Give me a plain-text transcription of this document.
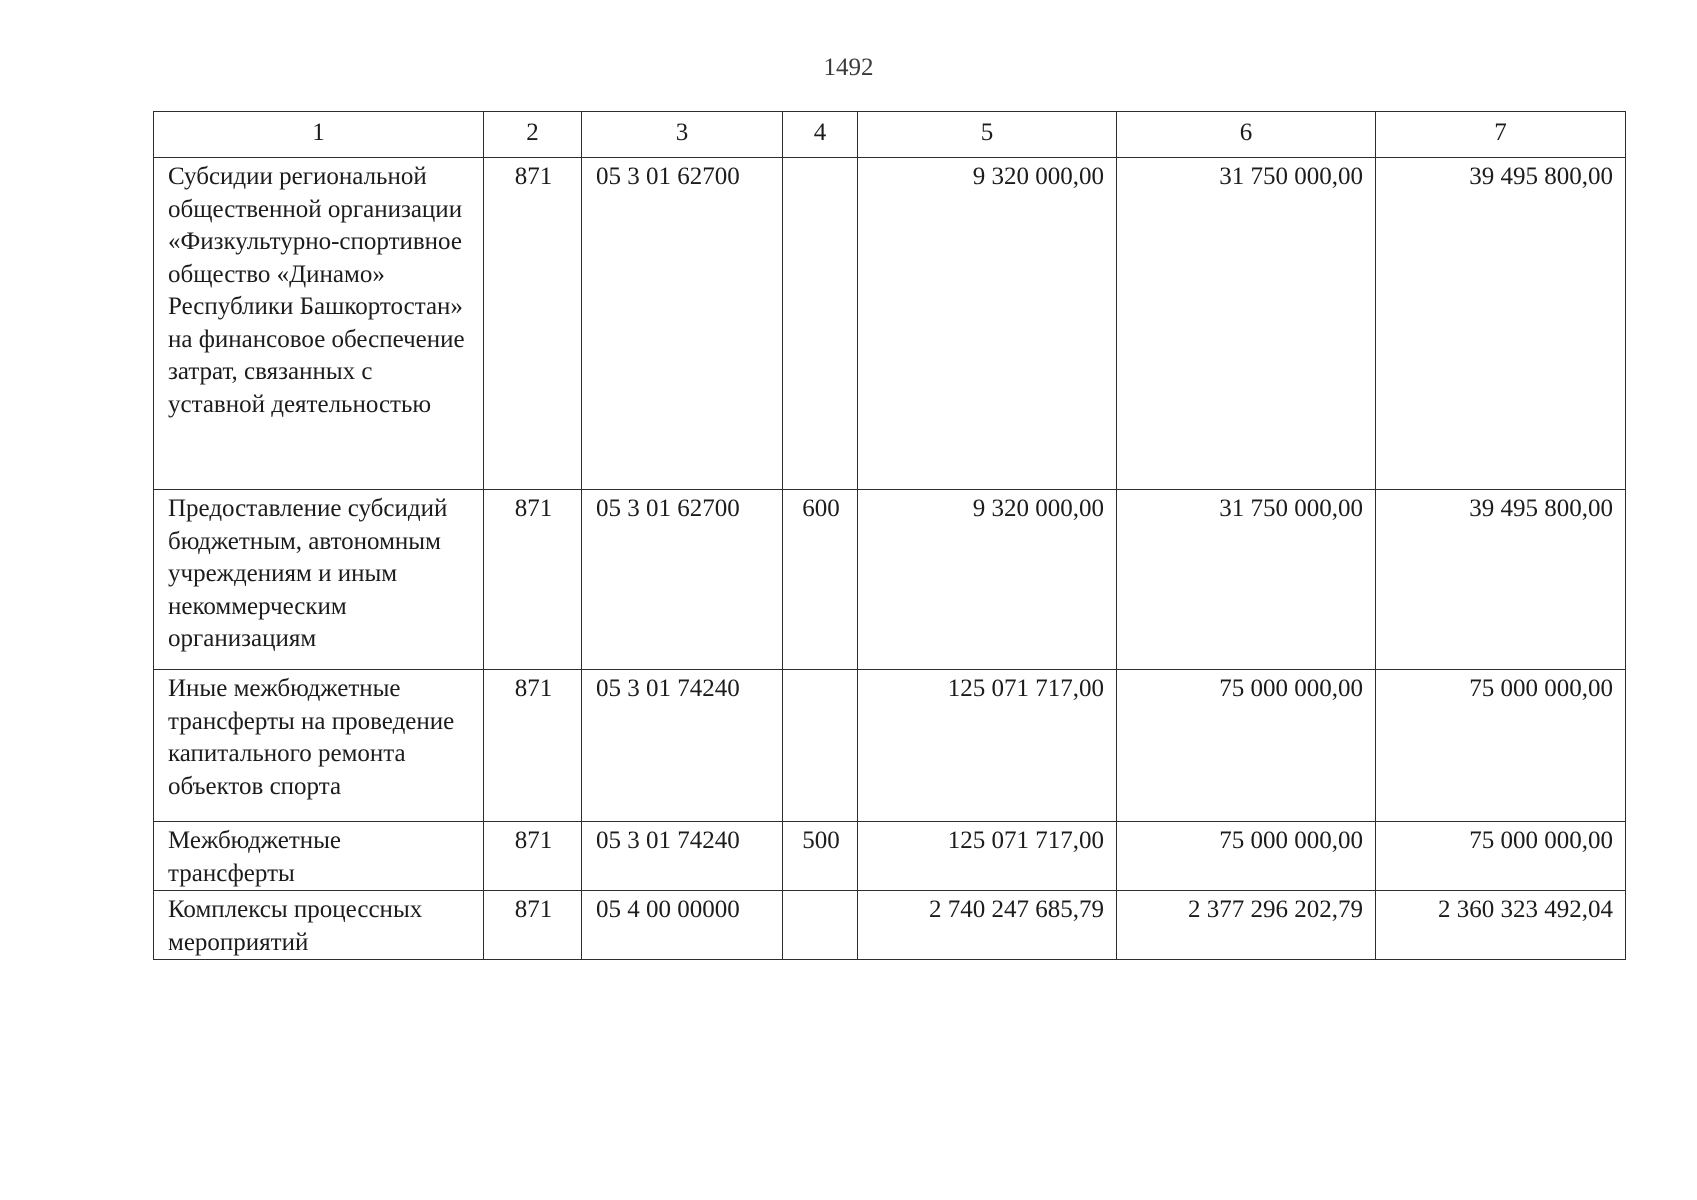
1492
1	2	3	4	5	6	7
Субсидии региональной общественной организации «Физкультурно-спортивное общество «Динамо» Республики Башкортостан» на финансовое обеспечение затрат, связанных с уставной деятельностью	871	05 3 01 62700		9 320 000,00	31 750 000,00	39 495 800,00
Предоставление субсидий бюджетным, автономным учреждениям и иным некоммерческим организациям	871	05 3 01 62700	600	9 320 000,00	31 750 000,00	39 495 800,00
Иные межбюджетные трансферты на проведение капитального ремонта объектов спорта	871	05 3 01 74240		125 071 717,00	75 000 000,00	75 000 000,00
Межбюджетные трансферты	871	05 3 01 74240	500	125 071 717,00	75 000 000,00	75 000 000,00
Комплексы процессных мероприятий	871	05 4 00 00000		2 740 247 685,79	2 377 296 202,79	2 360 323 492,04
